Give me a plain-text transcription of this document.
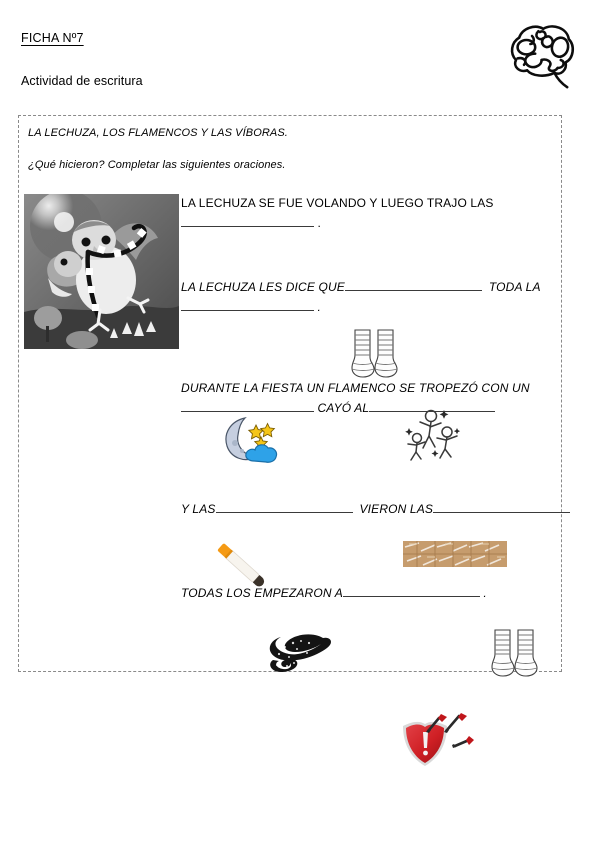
FICHA Nº7
Actividad de escritura
LA LECHUZA, LOS FLAMENCOS Y LAS VÍBORAS.
¿Qué hicieron? Completar las siguientes oraciones.
LA LECHUZA SE FUE VOLANDO Y LUEGO TRAJO LAS
.
LA LECHUZA LES DICE QUE	TODA LA
.
DURANTE LA FIESTA UN FLAMENCO SE TROPEZÓ CON UN
CAYÓ AL
Y LAS	VIERON LAS
TODAS LOS EMPEZARON A	.
